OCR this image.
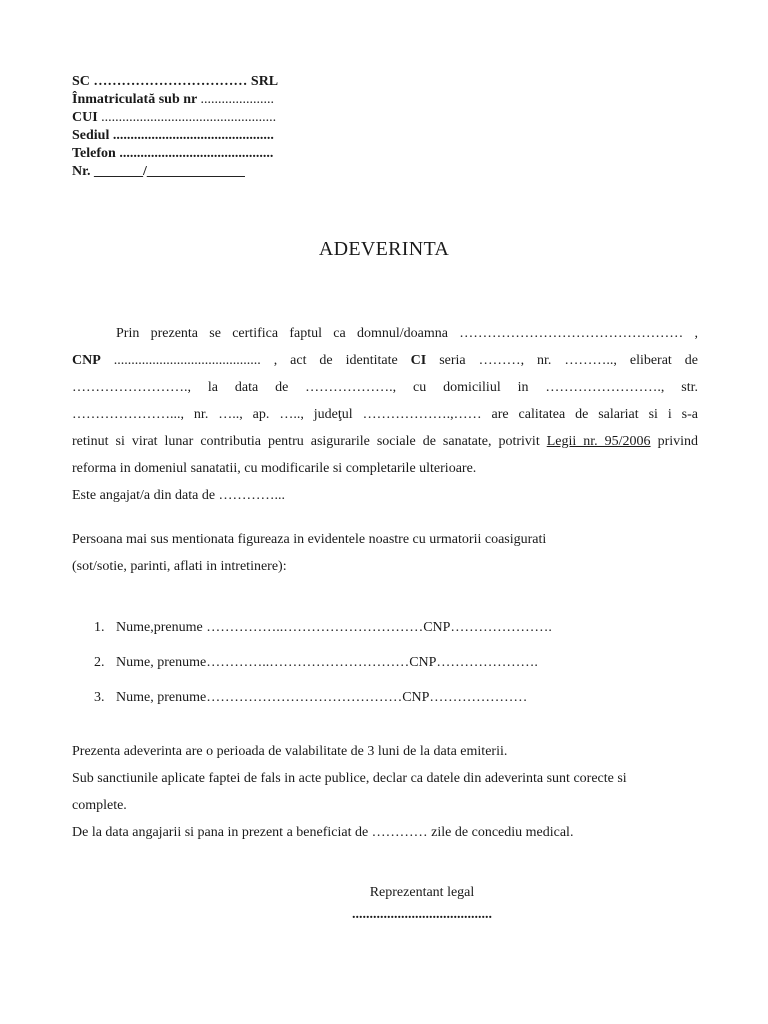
SC …………………………… SRL
Înmatriculată sub nr .....................
CUI ..................................................
Sediul ..............................................
Telefon ............................................
Nr. _______/______________
ADEVERINTA
Prin prezenta se certifica faptul ca domnul/doamna ………………………………………… ,
CNP .......................................... , act de identitate CI seria ………, nr. ……….., eliberat de
……………………., la data de ………………., cu domiciliul in ……………………., str.
…………………..., nr. ….., ap. ….., judeţul ……………….,…… are calitatea de salariat si i s-a
retinut si virat lunar contributia pentru asigurarile sociale de sanatate, potrivit Legii nr. 95/2006 privind
reforma in domeniul sanatatii, cu modificarile si completarile ulterioare.
Este angajat/a din data de …………...
Persoana mai sus mentionata figureaza in evidentele noastre cu urmatorii coasigurati
(sot/sotie, parinti, aflati in intretinere):
1. Nume,prenume ……………..…………………………CNP………………….
2. Nume, prenume…………..…………………………CNP………………….
3. Nume, prenume……………………………………CNP…………………
Prezenta adeverinta are o perioada de valabilitate de 3 luni de la data emiterii.
Sub sanctiunile aplicate faptei de fals in acte publice, declar ca datele din adeverinta sunt corecte si
complete.
De la data angajarii si pana in prezent a beneficiat de ………… zile de concediu medical.
Reprezentant legal
........................................
